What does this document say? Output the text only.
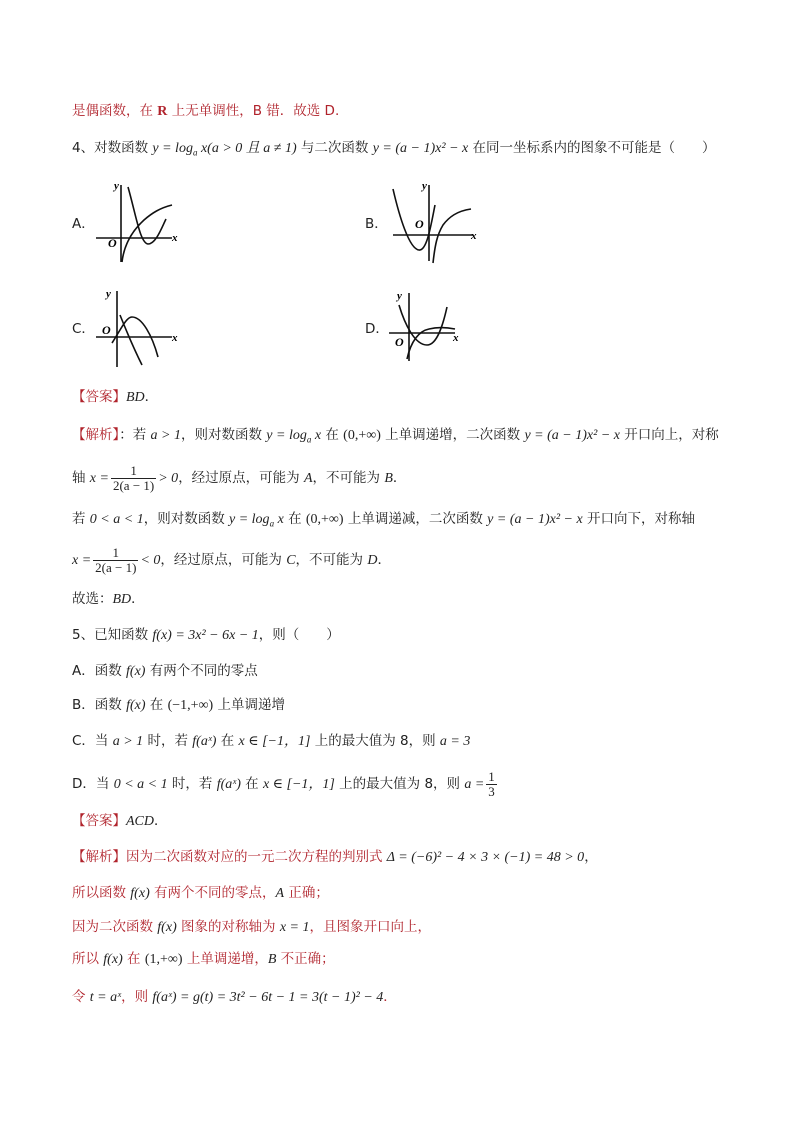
是偶函数，在 R 上无单调性，B 错．故选 D.
4、对数函数 $y = \log_a x(a > 0$ 且 a ≠ 1) 与二次函数 y = (a − 1)x² − x 在同一坐标系内的图象不可能是（　　）
A．
y
x
O
B．
y
x
O
C．
y
x
O	D．
y
x
O
【答案】BD．
【解析】：若 a > 1，则对数函数 $y = \log_a x$ 在 (0,+∞) 上单调递增，二次函数 y = (a − 1)x² − x 开口向上，对称
轴 $x = \frac{1}{2(a - 1)} > 0$，经过原点，可能为 A，不可能为 B．
若 0 < a < 1，则对数函数 $y = \log_a x$ 在 (0,+∞) 上单调递减，二次函数 y = (a − 1)x² − x 开口向下，对称轴
$x = \frac{1}{2(a - 1)} < 0$，经过原点，可能为 C，不可能为 D．
故选：BD．
5、已知函数 f(x) = 3x² − 6x − 1，则（　　）
A．函数 f(x) 有两个不同的零点
B．函数 f(x) 在 (−1,+∞) 上单调递增
C．当 a > 1 时，若 f(aˣ) 在 x ∈ [−1，1] 上的最大值为 8，则 a = 3
D．当 0 < a < 1 时，若 f(aˣ) 在 x ∈ [−1，1] 上的最大值为 8，则 $a = \frac{1}{3}$
【答案】ACD．
【解析】因为二次函数对应的一元二次方程的判别式 Δ = (−6)² − 4 × 3 × (−1) = 48 > 0，
所以函数 f(x) 有两个不同的零点，A 正确；
因为二次函数 f(x) 图象的对称轴为 x = 1，且图象开口向上，
所以 f(x) 在 (1,+∞) 上单调递增，B 不正确；
令 t = aˣ，则 f(aˣ) = g(t) = 3t² − 6t − 1 = 3(t − 1)² − 4．
